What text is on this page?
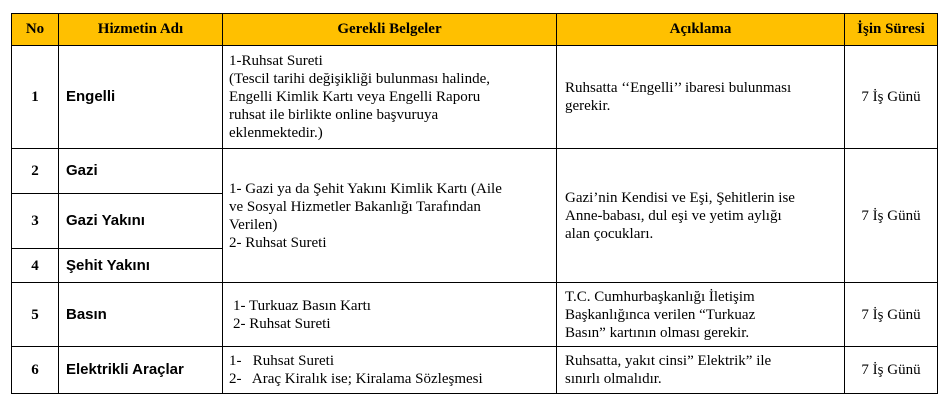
No	Hizmetin Adı	Gerekli Belgeler	Açıklama	İşin Süresi
1	Engelli	1-Ruhsat Sureti
(Tescil tarihi değişikliği bulunması halinde,
Engelli Kimlik Kartı veya Engelli Raporu
ruhsat ile birlikte online başvuruya
eklenmektedir.)	Ruhsatta ‘‘Engelli’’ ibaresi bulunması
gerekir.	7 İş Günü
2	Gazi	1- Gazi ya da Şehit Yakını Kimlik Kartı (Aile
ve Sosyal Hizmetler Bakanlığı Tarafından
Verilen)
2- Ruhsat Sureti	Gazi’nin Kendisi ve Eşi, Şehitlerin ise
Anne-babası, dul eşi ve yetim aylığı
alan çocukları.	7 İş Günü
3	Gazi Yakını			
4	Şehit Yakını			
5	Basın	1- Turkuaz Basın Kartı
2- Ruhsat Sureti	T.C. Cumhurbaşkanlığı İletişim
Başkanlığınca verilen “Turkuaz
Basın” kartının olması gerekir.	7 İş Günü
6	Elektrikli Araçlar	1-   Ruhsat Sureti
2-   Araç Kiralık ise; Kiralama Sözleşmesi	Ruhsatta, yakıt cinsi” Elektrik” ile
sınırlı olmalıdır.	7 İş Günü
